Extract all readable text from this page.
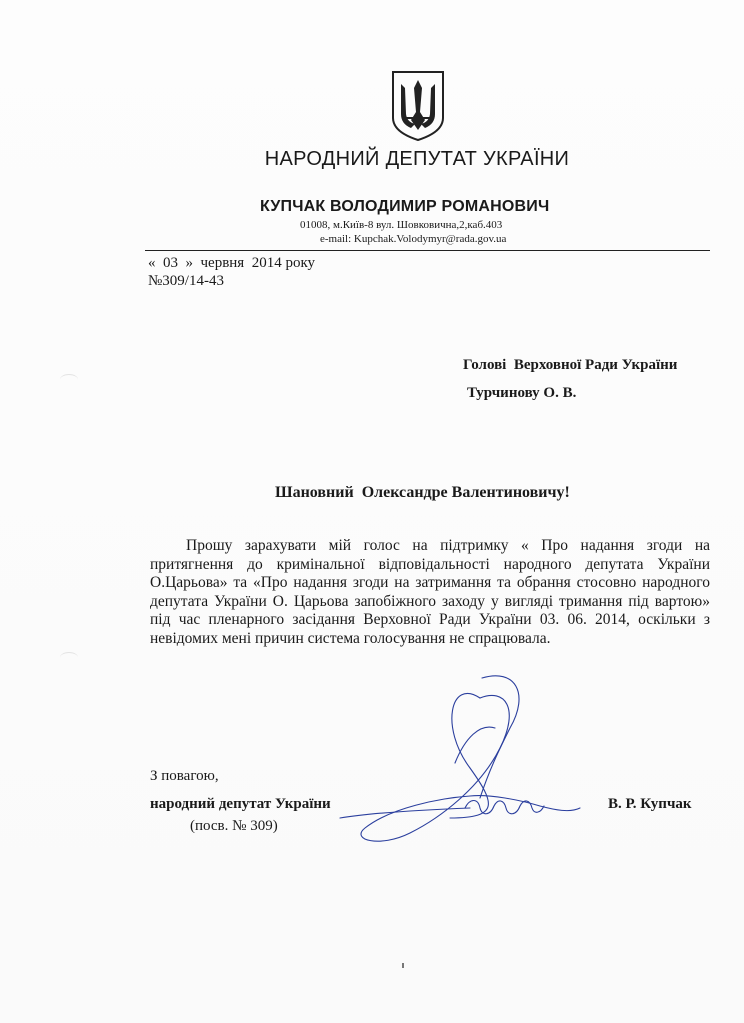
НАРОДНИЙ ДЕПУТАТ УКРАЇНИ
КУПЧАК ВОЛОДИМИР РОМАНОВИЧ
01008, м.Київ-8 вул. Шовковична,2,каб.403
e-mail: Kupchak.Volodymyr@rada.gov.ua
«  03  »  червня  2014 року
№309/14-43
Голові  Верховної Ради України
Турчинову О. В.
Шановний  Олександре Валентиновичу!

Прошу зарахувати мій голос на підтримку « Про надання згоди на притягнення до кримінальної відповідальності народного депутата України О.Царьова» та «Про надання згоди на затримання та обрання стосовно народного депутата України О. Царьова запобіжного заходу у вигляді тримання під вартою» під час пленарного засідання Верховної Ради України 03. 06. 2014, оскільки з невідомих мені причин система голосування не спрацювала.

З повагою,
народний депутат України
(посв. № 309)
В. Р. Купчак
